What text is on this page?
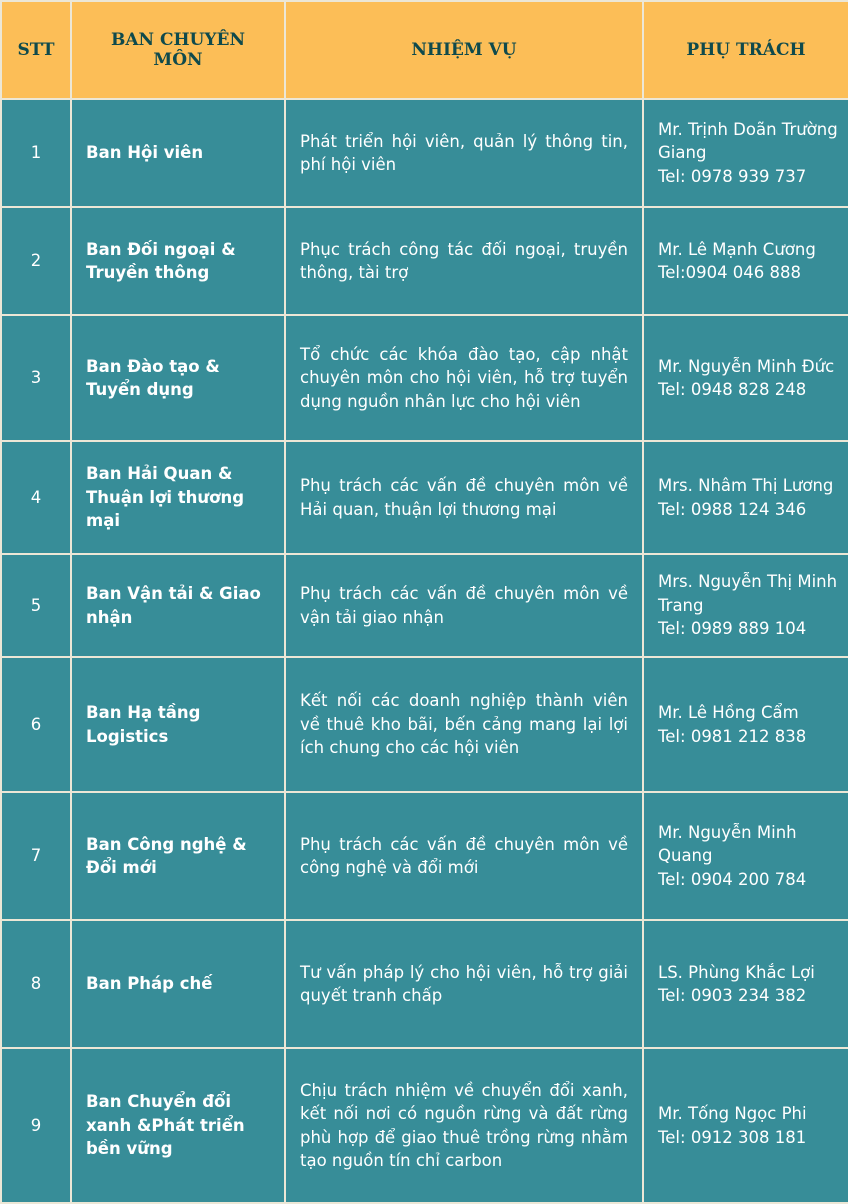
STT	BAN CHUYÊN MÔN	NHIỆM VỤ	PHỤ TRÁCH
1	Ban Hội viên	Phát triển hội viên, quản lý thông tin, phí hội viên	Mr. Trịnh Doãn Trường Giang
Tel: 0978 939 737

2	Ban Đối ngoại & Truyền thông	Phục trách công tác đối ngoại, truyền thông, tài trợ	Mr. Lê Mạnh Cương
Tel:0904 046 888

3	Ban Đào tạo & Tuyển dụng	Tổ chức các khóa đào tạo, cập nhật chuyên môn cho hội viên, hỗ trợ tuyển dụng nguồn nhân lực cho hội viên	Mr. Nguyễn Minh Đức
Tel: 0948 828 248

4	Ban Hải Quan & Thuận lợi thương mại	Phụ trách các vấn đề chuyên môn về Hải quan, thuận lợi thương mại	Mrs. Nhâm Thị Lương
Tel: 0988 124 346

5	Ban Vận tải & Giao nhận	Phụ trách các vấn đề chuyên môn về vận tải giao nhận	Mrs. Nguyễn Thị Minh Trang
Tel: 0989 889 104

6	Ban Hạ tầng Logistics	Kết nối các doanh nghiệp thành viên về thuê kho bãi, bến cảng mang lại lợi ích chung cho các hội viên	Mr. Lê Hồng Cẩm
Tel: 0981 212 838

7	Ban Công nghệ & Đổi mới	Phụ trách các vấn đề chuyên môn về công nghệ và đổi mới	Mr. Nguyễn Minh Quang
Tel: 0904 200 784

8	Ban Pháp chế	Tư vấn pháp lý cho hội viên, hỗ trợ giải quyết tranh chấp	LS. Phùng Khắc Lợi
Tel: 0903 234 382

9	Ban Chuyển đổi xanh &Phát triển bền vững	Chịu trách nhiệm về chuyển đổi xanh, kết nối nơi có nguồn rừng và đất rừng phù hợp để giao thuê trồng rừng nhằm tạo nguồn tín chỉ carbon	Mr. Tống Ngọc Phi
Tel: 0912 308 181
